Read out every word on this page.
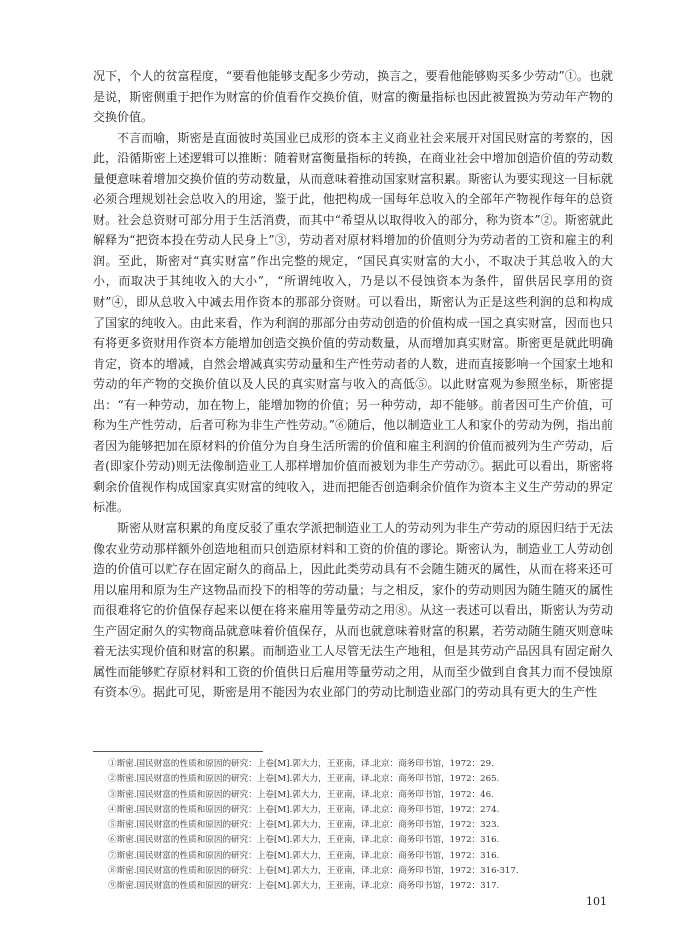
况下，个人的贫富程度，“要看他能够支配多少劳动，换言之，要看他能够购买多少劳动”①。也就是说，斯密侧重于把作为财富的价值看作交换价值，财富的衡量指标也因此被置换为劳动年产物的交换价值。

不言而喻，斯密是直面彼时英国业已成形的资本主义商业社会来展开对国民财富的考察的，因此，沿循斯密上述逻辑可以推断：随着财富衡量指标的转换，在商业社会中增加创造价值的劳动数量便意味着增加交换价值的劳动数量，从而意味着推动国家财富积累。斯密认为要实现这一目标就必须合理规划社会总收入的用途，鉴于此，他把构成一国每年总收入的全部年产物视作每年的总资财。社会总资财可部分用于生活消费，而其中“希望从以取得收入的部分，称为资本”②。斯密就此解释为“把资本投在劳动人民身上”③，劳动者对原材料增加的价值则分为劳动者的工资和雇主的利润。至此，斯密对“真实财富”作出完整的规定，“国民真实财富的大小，不取决于其总收入的大小，而取决于其纯收入的大小”，“所谓纯收入，乃是以不侵蚀资本为条件，留供居民享用的资财”④，即从总收入中减去用作资本的那部分资财。可以看出，斯密认为正是这些利润的总和构成了国家的纯收入。由此来看，作为利润的那部分由劳动创造的价值构成一国之真实财富，因而也只有将更多资财用作资本方能增加创造交换价值的劳动数量，从而增加真实财富。斯密更是就此明确肯定，资本的增减，自然会增减真实劳动量和生产性劳动者的人数，进而直接影响一个国家土地和劳动的年产物的交换价值以及人民的真实财富与收入的高低⑤。以此财富观为参照坐标，斯密提出：“有一种劳动，加在物上，能增加物的价值；另一种劳动，却不能够。前者因可生产价值，可称为生产性劳动，后者可称为非生产性劳动。”⑥随后，他以制造业工人和家仆的劳动为例，指出前者因为能够把加在原材料的价值分为自身生活所需的价值和雇主利润的价值而被列为生产劳动，后者(即家仆劳动)则无法像制造业工人那样增加价值而被划为非生产劳动⑦。据此可以看出，斯密将剩余价值视作构成国家真实财富的纯收入，进而把能否创造剩余价值作为资本主义生产劳动的界定标准。

斯密从财富积累的角度反驳了重农学派把制造业工人的劳动列为非生产劳动的原因归结于无法像农业劳动那样额外创造地租而只创造原材料和工资的价值的谬论。斯密认为，制造业工人劳动创造的价值可以贮存在固定耐久的商品上，因此此类劳动具有不会随生随灭的属性，从而在将来还可用以雇用和原为生产这物品而投下的相等的劳动量；与之相反，家仆的劳动则因为随生随灭的属性而很难将它的价值保存起来以便在将来雇用等量劳动之用⑧。从这一表述可以看出，斯密认为劳动生产固定耐久的实物商品就意味着价值保存，从而也就意味着财富的积累，若劳动随生随灭则意味着无法实现价值和财富的积累。而制造业工人尽管无法生产地租，但是其劳动产品因具有固定耐久属性而能够贮存原材料和工资的价值供日后雇用等量劳动之用，从而至少做到自食其力而不侵蚀原有资本⑨。据此可见，斯密是用不能因为农业部门的劳动比制造业部门的劳动具有更大的生产性

①斯密.国民财富的性质和原因的研究：上卷[M].郭大力，王亚南，译.北京：商务印书馆，1972：29.
②斯密.国民财富的性质和原因的研究：上卷[M].郭大力，王亚南，译.北京：商务印书馆，1972：265.
③斯密.国民财富的性质和原因的研究：上卷[M].郭大力，王亚南，译.北京：商务印书馆，1972：46.
④斯密.国民财富的性质和原因的研究：上卷[M].郭大力，王亚南，译.北京：商务印书馆，1972：274.
⑤斯密.国民财富的性质和原因的研究：上卷[M].郭大力，王亚南，译.北京：商务印书馆，1972：323.
⑥斯密.国民财富的性质和原因的研究：上卷[M].郭大力，王亚南，译.北京：商务印书馆，1972：316.
⑦斯密.国民财富的性质和原因的研究：上卷[M].郭大力，王亚南，译.北京：商务印书馆，1972：316.
⑧斯密.国民财富的性质和原因的研究：上卷[M].郭大力，王亚南，译.北京：商务印书馆，1972：316-317.
⑨斯密.国民财富的性质和原因的研究：上卷[M].郭大力，王亚南，译.北京：商务印书馆，1972：317.
101
